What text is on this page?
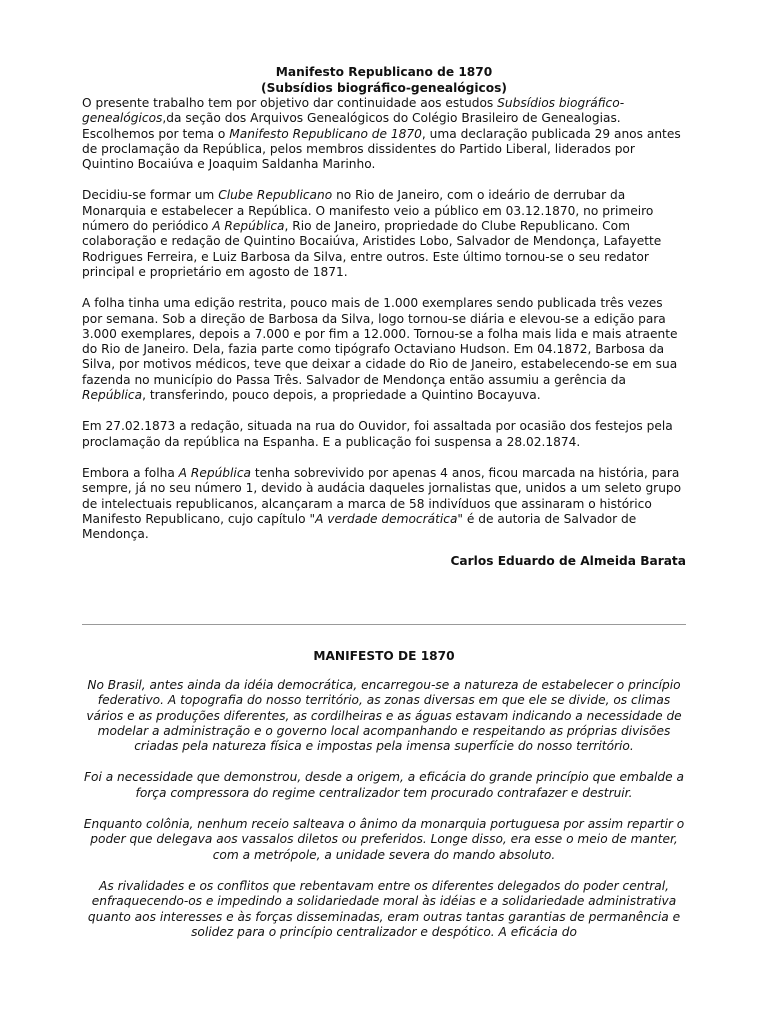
Manifesto Republicano de 1870
(Subsídios biográfico-genealógicos)

O presente trabalho tem por objetivo dar continuidade aos estudos Subsídios biográfico-genealógicos,da seção dos Arquivos Genealógicos do Colégio Brasileiro de Genealogias. Escolhemos por tema o Manifesto Republicano de 1870, uma declaração publicada 29 anos antes de proclamação da República, pelos membros dissidentes do Partido Liberal, liderados por Quintino Bocaiúva e Joaquim Saldanha Marinho.

Decidiu-se formar um Clube Republicano no Rio de Janeiro, com o ideário de derrubar da Monarquia e estabelecer a República. O manifesto veio a público em 03.12.1870, no primeiro número do periódico A República, Rio de Janeiro, propriedade do Clube Republicano. Com colaboração e redação de Quintino Bocaiúva, Aristides Lobo, Salvador de Mendonça, Lafayette Rodrigues Ferreira, e Luiz Barbosa da Silva, entre outros. Este último tornou-se o seu redator principal e proprietário em agosto de 1871.

A folha tinha uma edição restrita, pouco mais de 1.000 exemplares sendo publicada três vezes por semana. Sob a direção de Barbosa da Silva, logo tornou-se diária e elevou-se a edição para 3.000 exemplares, depois a 7.000 e por fim a 12.000. Tornou-se a folha mais lida e mais atraente do Rio de Janeiro. Dela, fazia parte como tipógrafo Octaviano Hudson. Em 04.1872, Barbosa da Silva, por motivos médicos, teve que deixar a cidade do Rio de Janeiro, estabelecendo-se em sua fazenda no município do Passa Três. Salvador de Mendonça então assumiu a gerência da República, transferindo, pouco depois, a propriedade a Quintino Bocayuva.

Em 27.02.1873 a redação, situada na rua do Ouvidor, foi assaltada por ocasião dos festejos pela proclamação da república na Espanha. E a publicação foi suspensa a 28.02.1874.

Embora a folha A República tenha sobrevivido por apenas 4 anos, ficou marcada na história, para sempre, já no seu número 1, devido à audácia daqueles jornalistas que, unidos a um seleto grupo de intelectuais republicanos, alcançaram a marca de 58 indivíduos que assinaram o histórico Manifesto Republicano, cujo capítulo "A verdade democrática" é de autoria de Salvador de Mendonça.

Carlos Eduardo de Almeida Barata
MANIFESTO DE 1870

No Brasil, antes ainda da idéia democrática, encarregou-se a natureza de estabelecer o princípio federativo. A topografia do nosso território, as zonas diversas em que ele se divide, os climas vários e as produções diferentes, as cordilheiras e as águas estavam indicando a necessidade de modelar a administração e o governo local acompanhando e respeitando as próprias divisões criadas pela natureza física e impostas pela imensa superfície do nosso território.

Foi a necessidade que demonstrou, desde a origem, a eficácia do grande princípio que embalde a força compressora do regime centralizador tem procurado contrafazer e destruir.

Enquanto colônia, nenhum receio salteava o ânimo da monarquia portuguesa por assim repartir o poder que delegava aos vassalos diletos ou preferidos. Longe disso, era esse o meio de manter, com a metrópole, a unidade severa do mando absoluto.

As rivalidades e os conflitos que rebentavam entre os diferentes delegados do poder central, enfraquecendo-os e impedindo a solidariedade moral às idéias e a solidariedade administrativa quanto aos interesses e às forças disseminadas, eram outras tantas garantias de permanência e solidez para o princípio centralizador e despótico. A eficácia do
